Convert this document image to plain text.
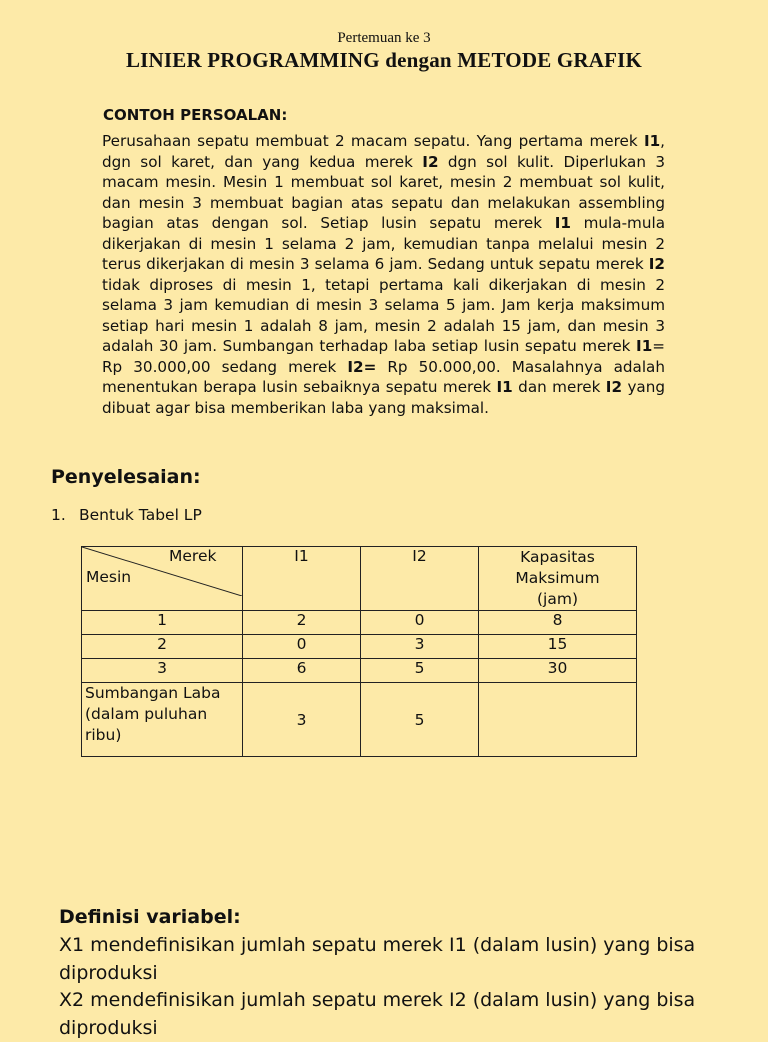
Pertemuan ke 3
LINIER PROGRAMMING dengan METODE GRAFIK
CONTOH PERSOALAN:
Perusahaan sepatu membuat 2 macam sepatu. Yang pertama merek I1, dgn sol karet, dan yang kedua merek I2 dgn sol kulit. Diperlukan 3 macam mesin. Mesin 1 membuat sol karet, mesin 2 membuat sol kulit, dan mesin 3 membuat bagian atas sepatu dan melakukan assembling bagian atas dengan sol. Setiap lusin sepatu merek I1 mula-mula dikerjakan di mesin 1 selama 2 jam, kemudian tanpa melalui mesin 2 terus dikerjakan di mesin 3 selama 6 jam. Sedang untuk sepatu merek I2 tidak diproses di mesin 1, tetapi pertama kali dikerjakan di mesin 2 selama 3 jam kemudian di mesin 3 selama 5 jam. Jam kerja maksimum setiap hari mesin 1 adalah 8 jam, mesin 2 adalah 15 jam, dan mesin 3 adalah 30 jam. Sumbangan terhadap laba setiap lusin sepatu merek I1= Rp 30.000,00 sedang merek I2= Rp 50.000,00. Masalahnya adalah menentukan berapa lusin sebaiknya sepatu merek I1 dan merek I2 yang dibuat agar bisa memberikan laba yang maksimal.
Penyelesaian:
1. Bentuk Tabel LP
Merek
Mesin	I1	I2	Kapasitas Maksimum (jam)
1	2	0	8
2	0	3	15
3	6	5	30
Sumbangan Laba (dalam puluhan ribu)	3	5	
Definisi variabel:
X1 mendefinisikan jumlah sepatu merek I1 (dalam lusin) yang bisa diproduksi
X2 mendefinisikan jumlah sepatu merek I2 (dalam lusin) yang bisa diproduksi
